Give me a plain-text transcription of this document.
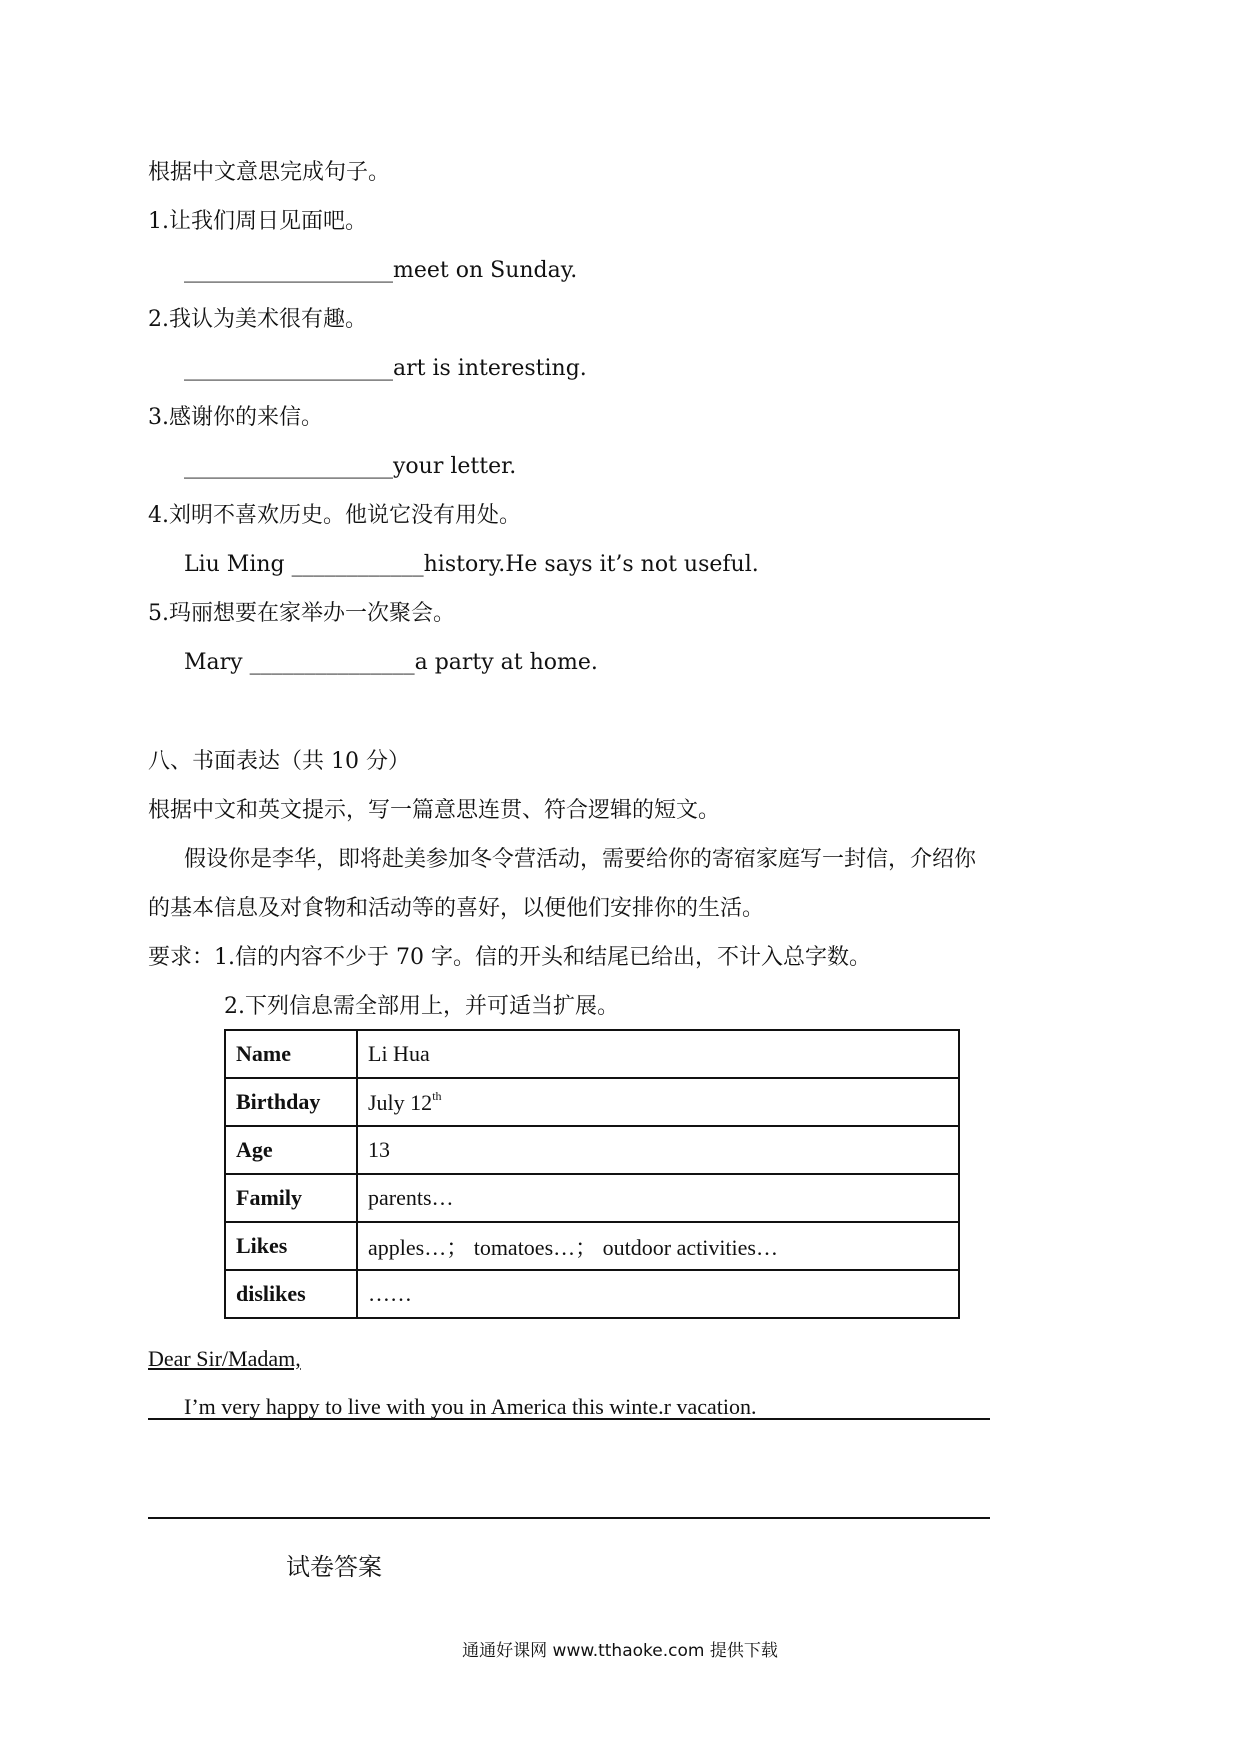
根据中文意思完成句子。
1.让我们周日见面吧。
___________________meet on Sunday.
2.我认为美术很有趣。
___________________art is interesting.
3.感谢你的来信。
___________________your letter.
4.刘明不喜欢历史。他说它没有用处。
Liu Ming ____________history.He says it’s not useful.
5.玛丽想要在家举办一次聚会。
Mary _______________a party at home.
八、书面表达（共 10 分）
根据中文和英文提示，写一篇意思连贯、符合逻辑的短文。
假设你是李华，即将赴美参加冬令营活动，需要给你的寄宿家庭写一封信，介绍你
的基本信息及对食物和活动等的喜好，以便他们安排你的生活。
要求：1.信的内容不少于 70 字。信的开头和结尾已给出，不计入总字数。
2.下列信息需全部用上，并可适当扩展。
Name	Li Hua
Birthday	July 12th
Age	13
Family	parents…
Likes	apples…； tomatoes…； outdoor activities…
dislikes	……
Dear Sir/Madam,
I’m very happy to live with you in America this winte.r vacation.
试卷答案
通通好课网 www.tthaoke.com 提供下载
